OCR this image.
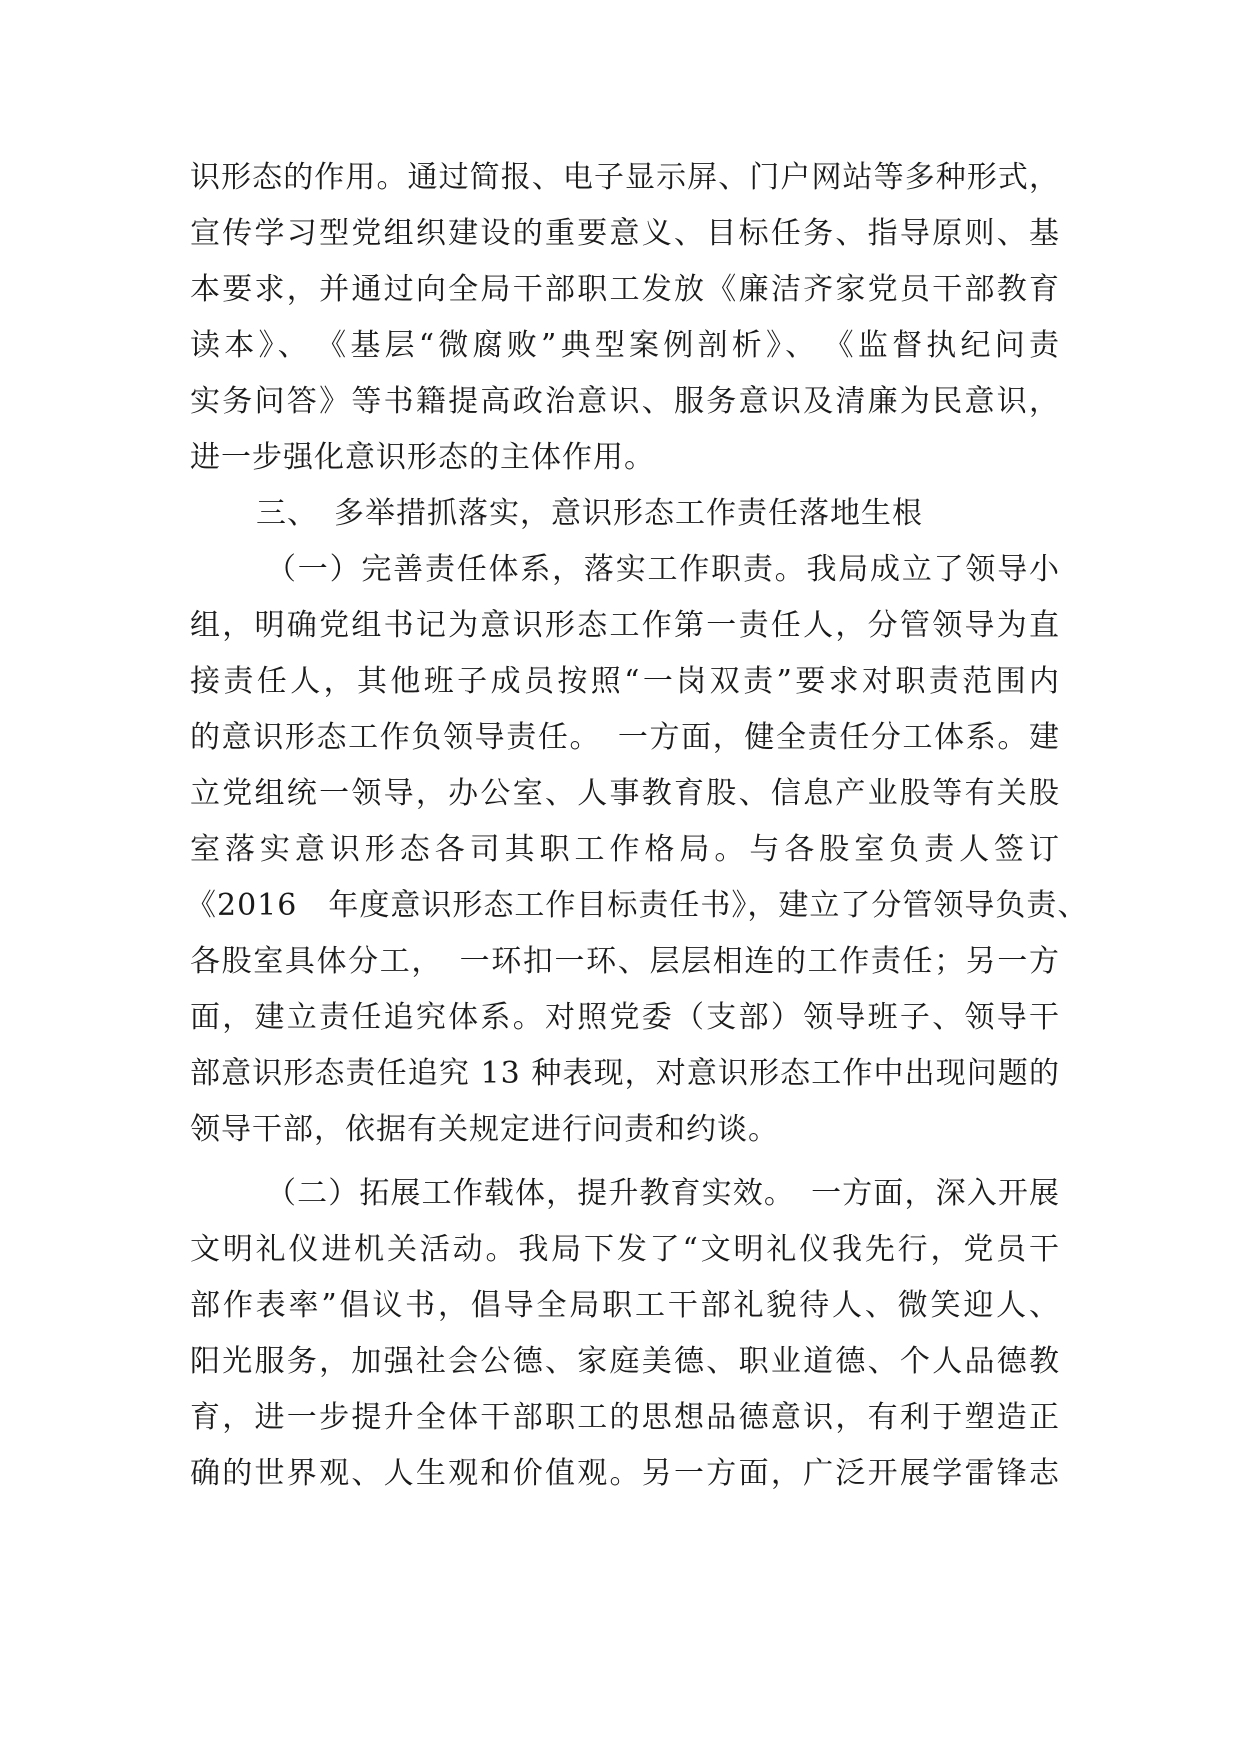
识形态的作用。通过简报、电子显示屏、门户网站等多种形式，
宣传学习型党组织建设的重要意义、目标任务、指导原则、基
本要求，并通过向全局干部职工发放《廉洁齐家党员干部教育
读本》、　《基层“微腐败”典型案例剖析》、　《监督执纪问责
实务问答》等书籍提高政治意识、服务意识及清廉为民意识，
进一步强化意识形态的主体作用。
三、　多举措抓落实，意识形态工作责任落地生根
（一）完善责任体系，落实工作职责。我局成立了领导小
组，明确党组书记为意识形态工作第一责任人，分管领导为直
接责任人，其他班子成员按照“一岗双责”要求对职责范围内
的意识形态工作负领导责任。　一方面，健全责任分工体系。建
立党组统一领导，办公室、人事教育股、信息产业股等有关股
室落实意识形态各司其职工作格局。与各股室负责人签订
《2016　年度意识形态工作目标责任书》，建立了分管领导负责、
各股室具体分工，　一环扣一环、层层相连的工作责任；另一方
面，建立责任追究体系。对照党委（支部）领导班子、领导干
部意识形态责任追究 13 种表现，对意识形态工作中出现问题的
领导干部，依据有关规定进行问责和约谈。
（二）拓展工作载体，提升教育实效。　一方面，深入开展
文明礼仪进机关活动。我局下发了“文明礼仪我先行，党员干
部作表率”倡议书，倡导全局职工干部礼貌待人、微笑迎人、
阳光服务，加强社会公德、家庭美德、职业道德、个人品德教
育，进一步提升全体干部职工的思想品德意识，有利于塑造正
确的世界观、人生观和价值观。另一方面，广泛开展学雷锋志
